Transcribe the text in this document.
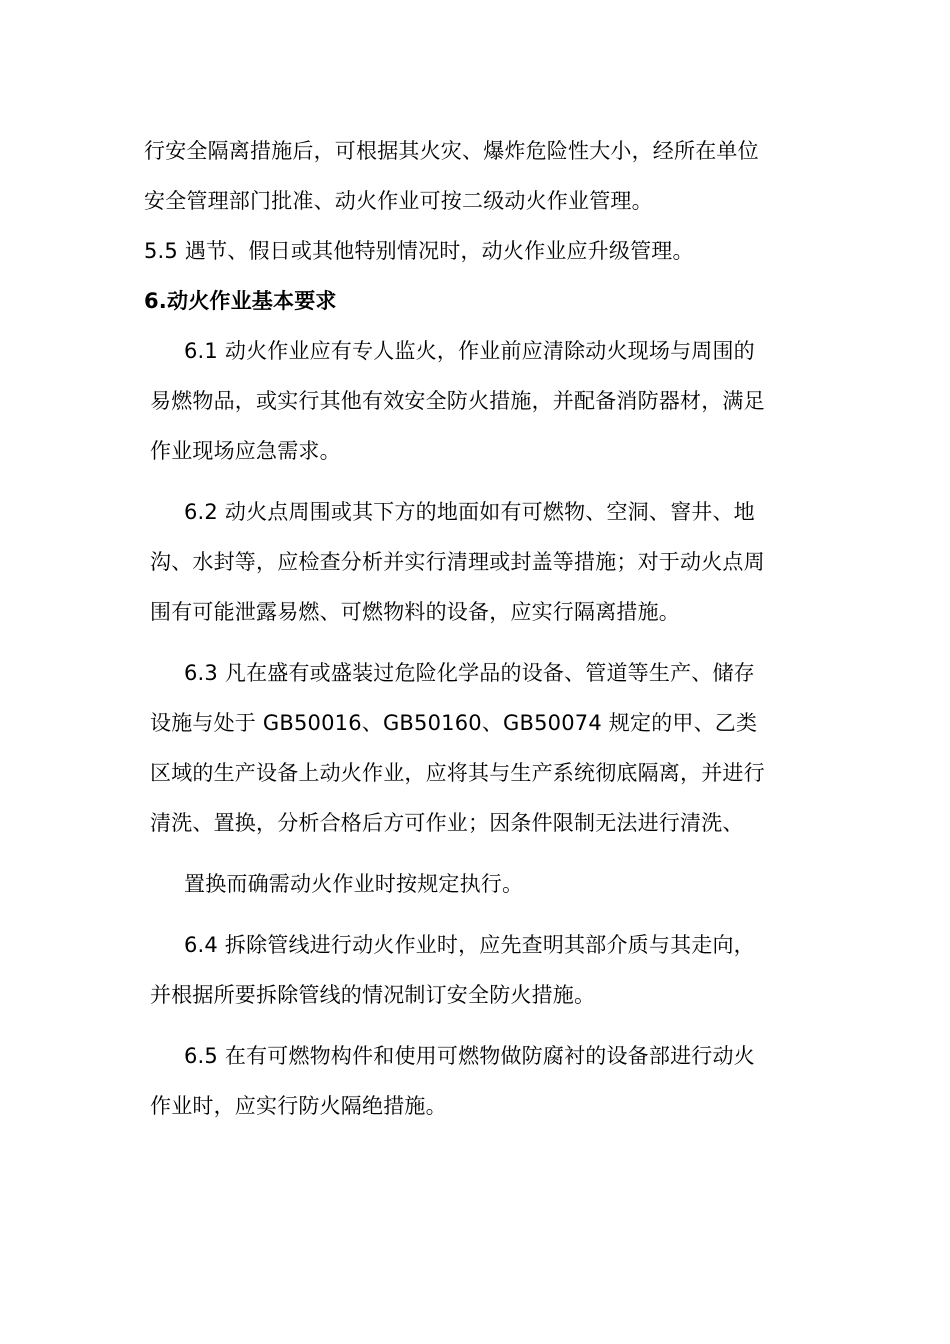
行安全隔离措施后，可根据其火灾、爆炸危险性大小，经所在单位
安全管理部门批准、动火作业可按二级动火作业管理。
5.5 遇节、假日或其他特别情况时，动火作业应升级管理。
6.动火作业基本要求
6.1 动火作业应有专人监火，作业前应清除动火现场与周围的
易燃物品，或实行其他有效安全防火措施，并配备消防器材，满足
作业现场应急需求。
6.2 动火点周围或其下方的地面如有可燃物、空洞、窨井、地
沟、水封等，应检查分析并实行清理或封盖等措施；对于动火点周
围有可能泄露易燃、可燃物料的设备，应实行隔离措施。
6.3 凡在盛有或盛装过危险化学品的设备、管道等生产、储存
设施与处于 GB50016、GB50160、GB50074 规定的甲、乙类
区域的生产设备上动火作业，应将其与生产系统彻底隔离，并进行
清洗、置换，分析合格后方可作业；因条件限制无法进行清洗、
置换而确需动火作业时按规定执行。
6.4 拆除管线进行动火作业时，应先查明其部介质与其走向，
并根据所要拆除管线的情况制订安全防火措施。
6.5 在有可燃物构件和使用可燃物做防腐衬的设备部进行动火
作业时，应实行防火隔绝措施。
